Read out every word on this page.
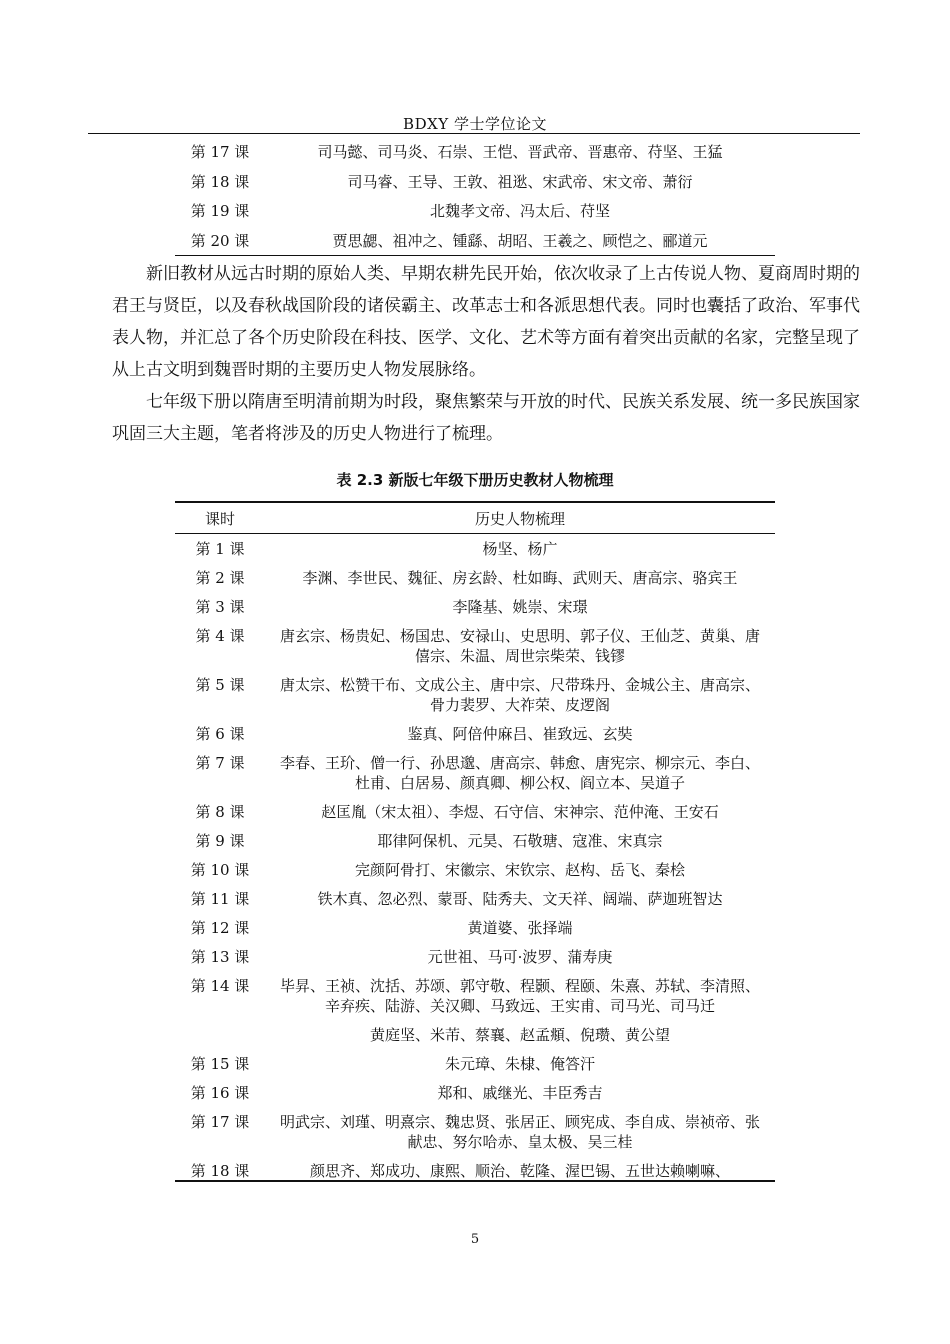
BDXY 学士学位论文
第 17 课	司马懿、司马炎、石崇、王恺、晋武帝、晋惠帝、苻坚、王猛
第 18 课	司马睿、王导、王敦、祖逖、宋武帝、宋文帝、萧衍
第 19 课	北魏孝文帝、冯太后、苻坚
第 20 课	贾思勰、祖冲之、锺繇、胡昭、王羲之、顾恺之、郦道元

新旧教材从远古时期的原始人类、早期农耕先民开始，依次收录了上古传说人物、夏商周时期的君王与贤臣，以及春秋战国阶段的诸侯霸主、改革志士和各派思想代表。同时也囊括了政治、军事代表人物，并汇总了各个历史阶段在科技、医学、文化、艺术等方面有着突出贡献的名家，完整呈现了从上古文明到魏晋时期的主要历史人物发展脉络。

七年级下册以隋唐至明清前期为时段，聚焦繁荣与开放的时代、民族关系发展、统一多民族国家巩固三大主题，笔者将涉及的历史人物进行了梳理。

表 2.3 新版七年级下册历史教材人物梳理
课时	历史人物梳理
第 1 课	杨坚、杨广
第 2 课	李渊、李世民、魏征、房玄龄、杜如晦、武则天、唐高宗、骆宾王
第 3 课	李隆基、姚崇、宋璟
第 4 课	唐玄宗、杨贵妃、杨国忠、安禄山、史思明、郭子仪、王仙芝、黄巢、唐僖宗、朱温、周世宗柴荣、钱镠
第 5 课	唐太宗、松赞干布、文成公主、唐中宗、尺带珠丹、金城公主、唐高宗、骨力裴罗、大祚荣、皮逻阁
第 6 课	鉴真、阿倍仲麻吕、崔致远、玄奘
第 7 课	李春、王玠、僧一行、孙思邈、唐高宗、韩愈、唐宪宗、柳宗元、李白、杜甫、白居易、颜真卿、柳公权、阎立本、吴道子
第 8 课	赵匡胤（宋太祖）、李煜、石守信、宋神宗、范仲淹、王安石
第 9 课	耶律阿保机、元昊、石敬瑭、寇准、宋真宗
第 10 课	完颜阿骨打、宋徽宗、宋钦宗、赵构、岳飞、秦桧
第 11 课	铁木真、忽必烈、蒙哥、陆秀夫、文天祥、阔端、萨迦班智达
第 12 课	黄道婆、张择端
第 13 课	元世祖、马可·波罗、蒲寿庚
第 14 课	毕昇、王祯、沈括、苏颂、郭守敬、程颢、程颐、朱熹、苏轼、李清照、辛弃疾、陆游、关汉卿、马致远、王实甫、司马光、司马迁
黄庭坚、米芾、蔡襄、赵孟頫、倪瓒、黄公望
第 15 课	朱元璋、朱棣、俺答汗
第 16 课	郑和、戚继光、丰臣秀吉
第 17 课	明武宗、刘瑾、明熹宗、魏忠贤、张居正、顾宪成、李自成、崇祯帝、张献忠、努尔哈赤、皇太极、吴三桂
第 18 课	颜思齐、郑成功、康熙、顺治、乾隆、渥巴锡、五世达赖喇嘛、
5
